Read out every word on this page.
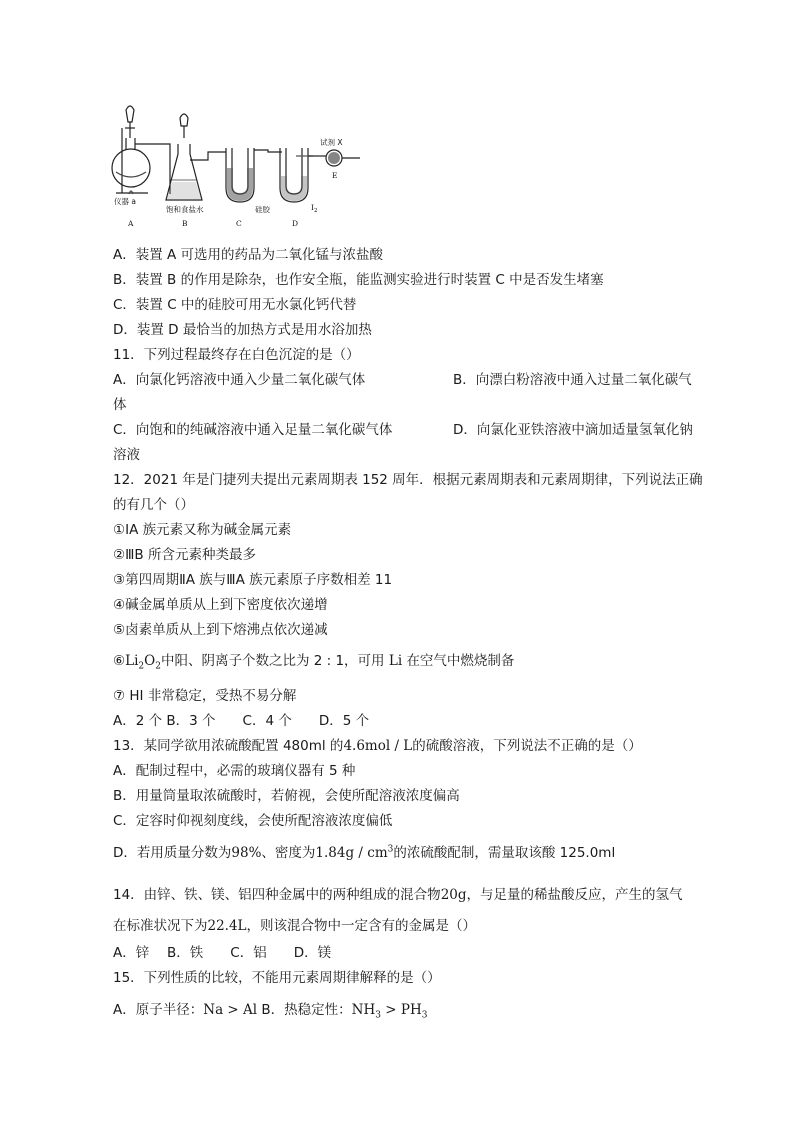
仪器 a
饱和食盐水	硅胶	$I_2$
试剂 X
E
A	B	C	D
A．装置 A 可选用的药品为二氧化锰与浓盐酸
B．装置 B 的作用是除杂，也作安全瓶，能监测实验进行时装置 C 中是否发生堵塞
C．装置 C 中的硅胶可用无水氯化钙代替
D．装置 D 最恰当的加热方式是用水浴加热
11．下列过程最终存在白色沉淀的是（）
A．向氯化钙溶液中通入少量二氧化碳气体	B．向漂白粉溶液中通入过量二氧化碳气
体
C．向饱和的纯碱溶液中通入足量二氧化碳气体	D．向氯化亚铁溶液中滴加适量氢氧化钠
溶液
12．2021 年是门捷列夫提出元素周期表 152 周年．根据元素周期表和元素周期律，下列说法正确
的有几个（）
①ⅠA 族元素又称为碱金属元素
②ⅢB 所含元素种类最多
③第四周期ⅡA 族与ⅢA 族元素原子序数相差 11
④碱金属单质从上到下密度依次递增
⑤卤素单质从上到下熔沸点依次递减
$⑥Li_2O_2$中阳、阴离子个数之比为 2 : 1，可用 Li 在空气中燃烧制备
⑦ HI 非常稳定，受热不易分解
A．2 个 B．3 个　　C．4 个　　D．5 个
13．某同学欲用浓硫酸配置 480ml 的4.6mol / L的硫酸溶液，下列说法不正确的是（）
A．配制过程中，必需的玻璃仪器有 5 种
B．用量筒量取浓硫酸时，若俯视，会使所配溶液浓度偏高
C．定容时仰视刻度线，会使所配溶液浓度偏低
D．若用质量分数为98%、密度为$1.84g / cm^3$的浓硫酸配制，需量取该酸 125.0ml
14．由锌、铁、镁、铝四种金属中的两种组成的混合物20g，与足量的稀盐酸反应，产生的氢气
在标准状况下为22.4L，则该混合物中一定含有的金属是（）
A．锌　 B．铁　　C．铝　　D．镁
15．下列性质的比较，不能用元素周期律解释的是（）
A．原子半径：Na > Al B．热稳定性：$NH_3 > PH_3$
